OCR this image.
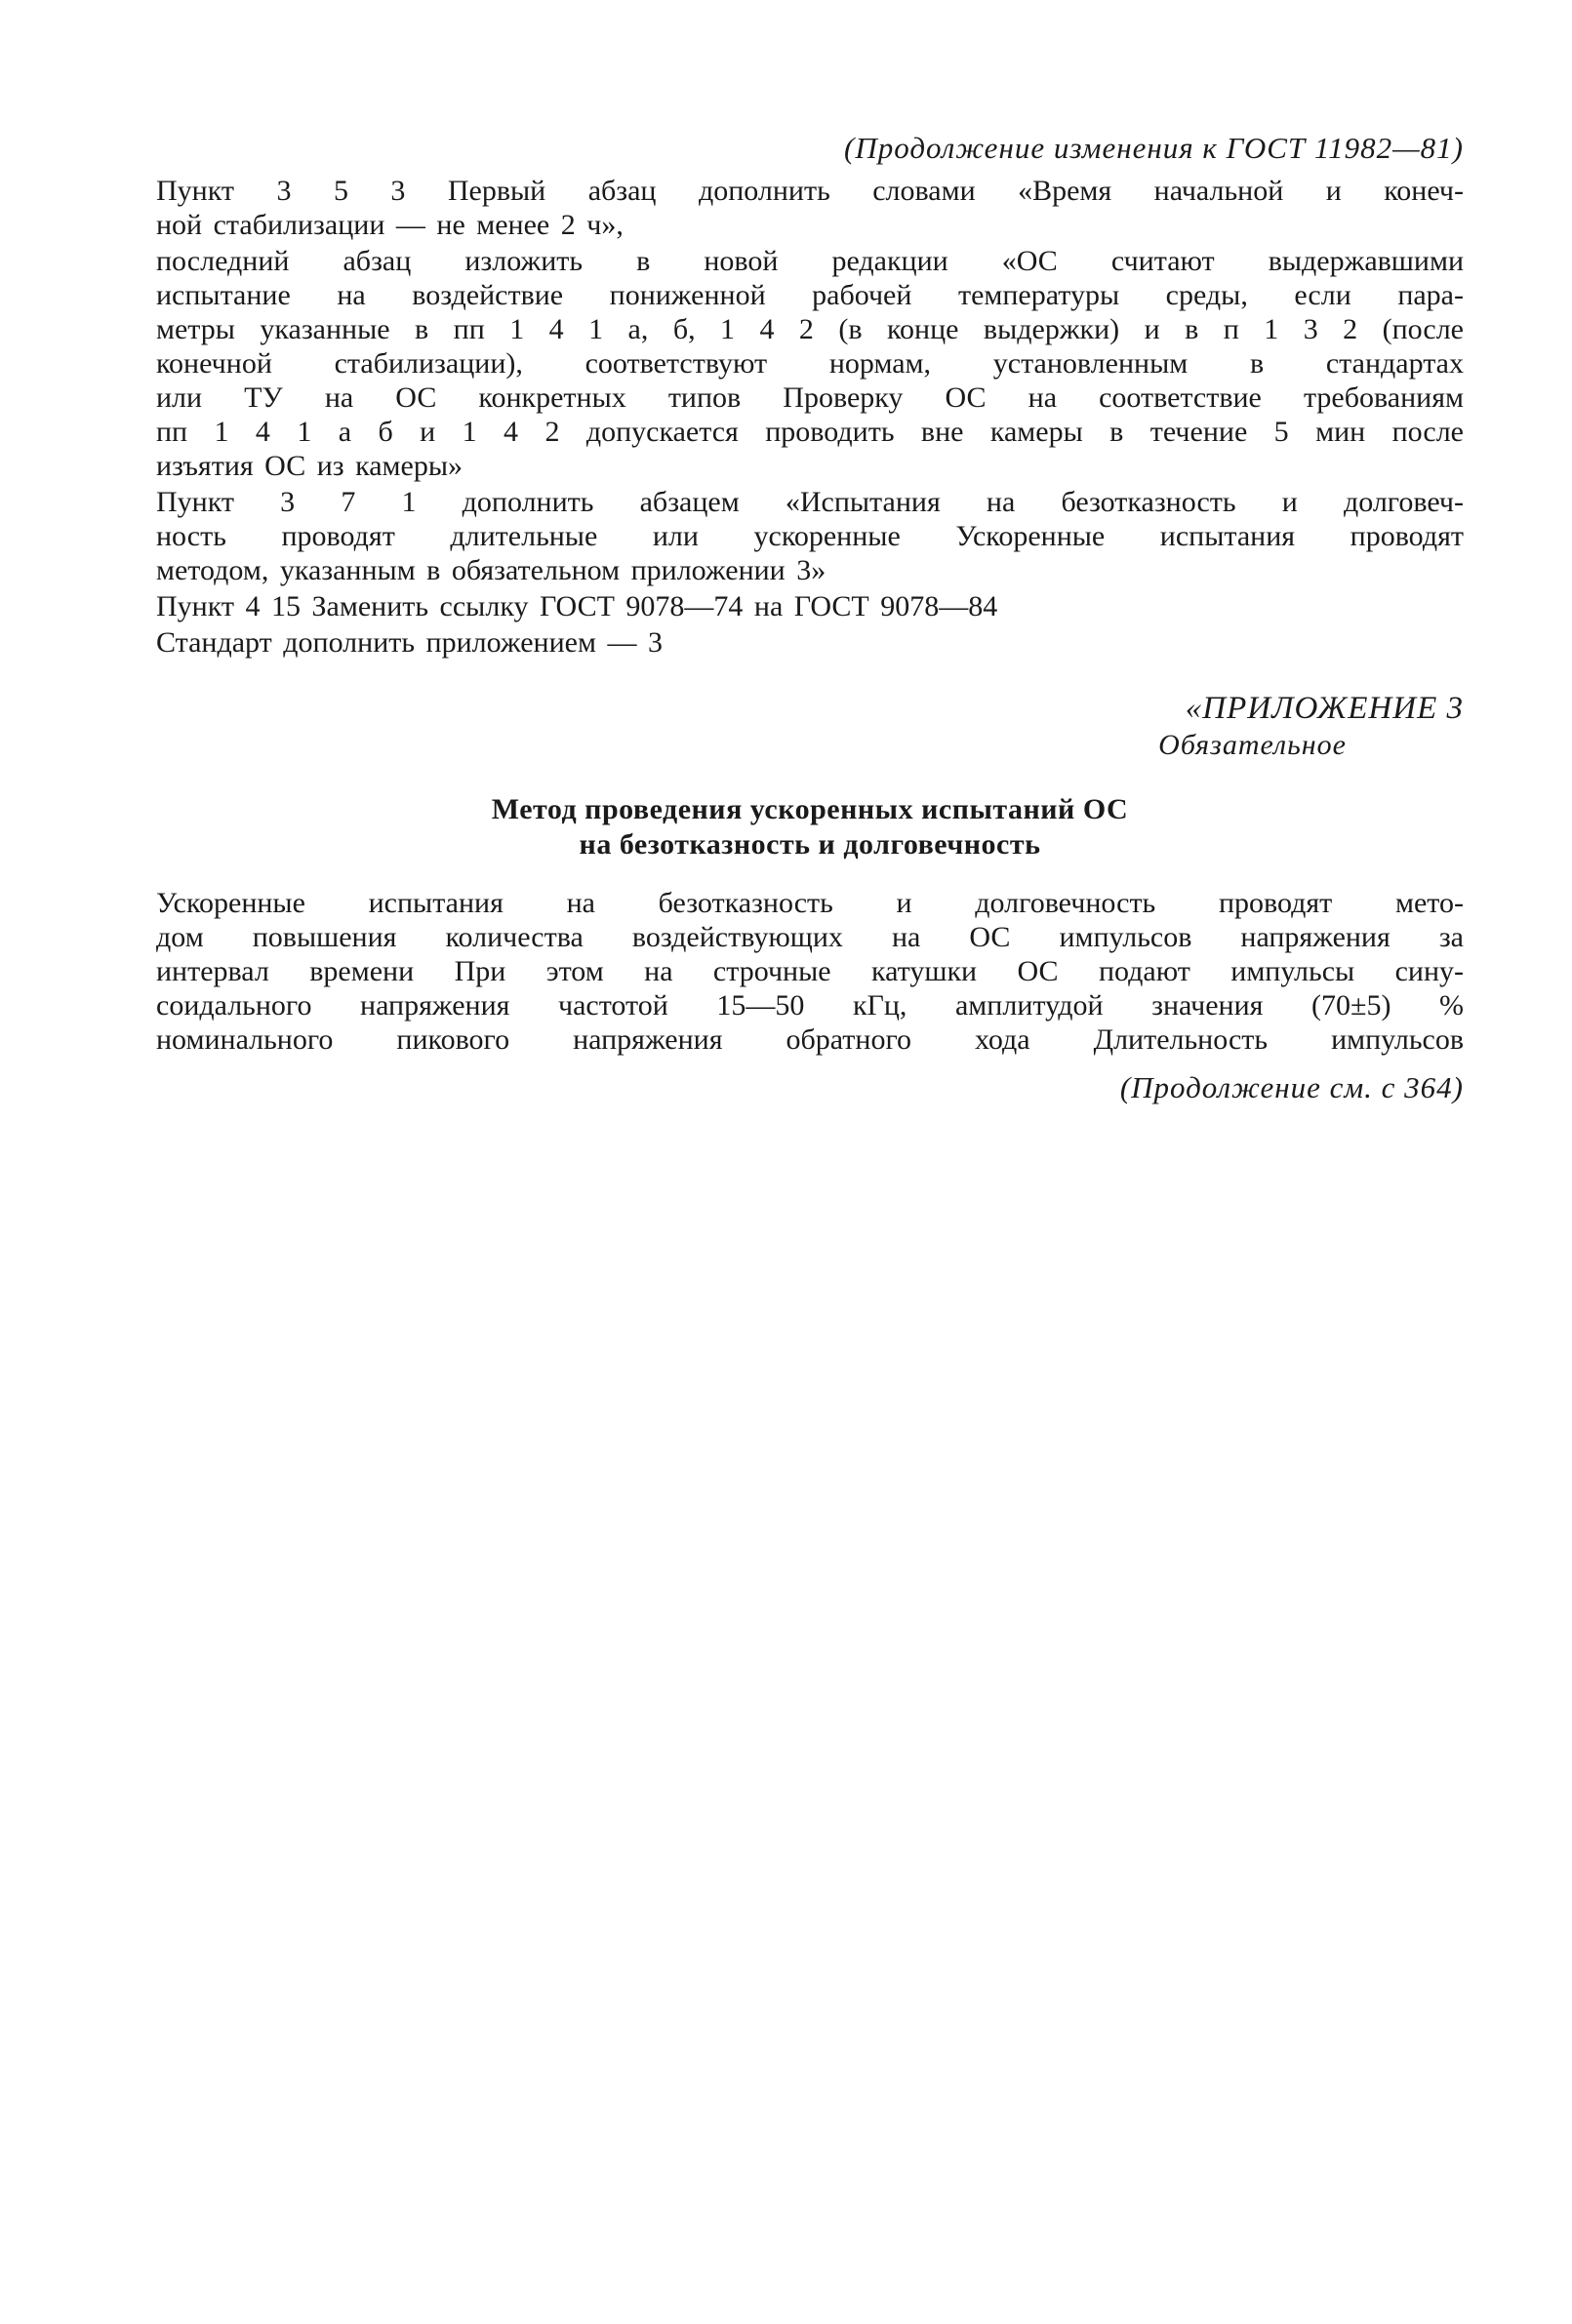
(Продолжение изменения к ГОСТ 11982—81)
Пункт 3 5 3 Первый абзац дополнить словами «Время начальной и конеч-
ной стабилизации — не менее 2 ч»,
последний абзац изложить в новой редакции «ОС считают выдержавшими
испытание на воздействие пониженной рабочей температуры среды, если пара-
метры указанные в пп 1 4 1 а, б, 1 4 2 (в конце выдержки) и в п 1 3 2 (после
конечной стабилизации), соответствуют нормам, установленным в стандартах
или ТУ на ОС конкретных типов Проверку ОС на соответствие требованиям
пп 1 4 1 а б и 1 4 2 допускается проводить вне камеры в течение 5 мин после
изъятия ОС из камеры»
Пункт 3 7 1 дополнить абзацем «Испытания на безотказность и долговеч-
ность проводят длительные или ускоренные Ускоренные испытания проводят
методом, указанным в обязательном приложении 3»
Пункт 4 15 Заменить ссылку ГОСТ 9078—74 на ГОСТ 9078—84
Стандарт дополнить приложением — 3
«ПРИЛОЖЕНИЕ 3
Обязательное
Метод проведения ускоренных испытаний ОС
на безотказность и долговечность
Ускоренные испытания на безотказность и долговечность проводят мето-
дом повышения количества воздействующих на ОС импульсов напряжения за
интервал времени При этом на строчные катушки ОС подают импульсы сину-
соидального напряжения частотой 15—50 кГц, амплитудой значения (70±5) %
номинального пикового напряжения обратного хода Длительность импульсов
(Продолжение см. с 364)
